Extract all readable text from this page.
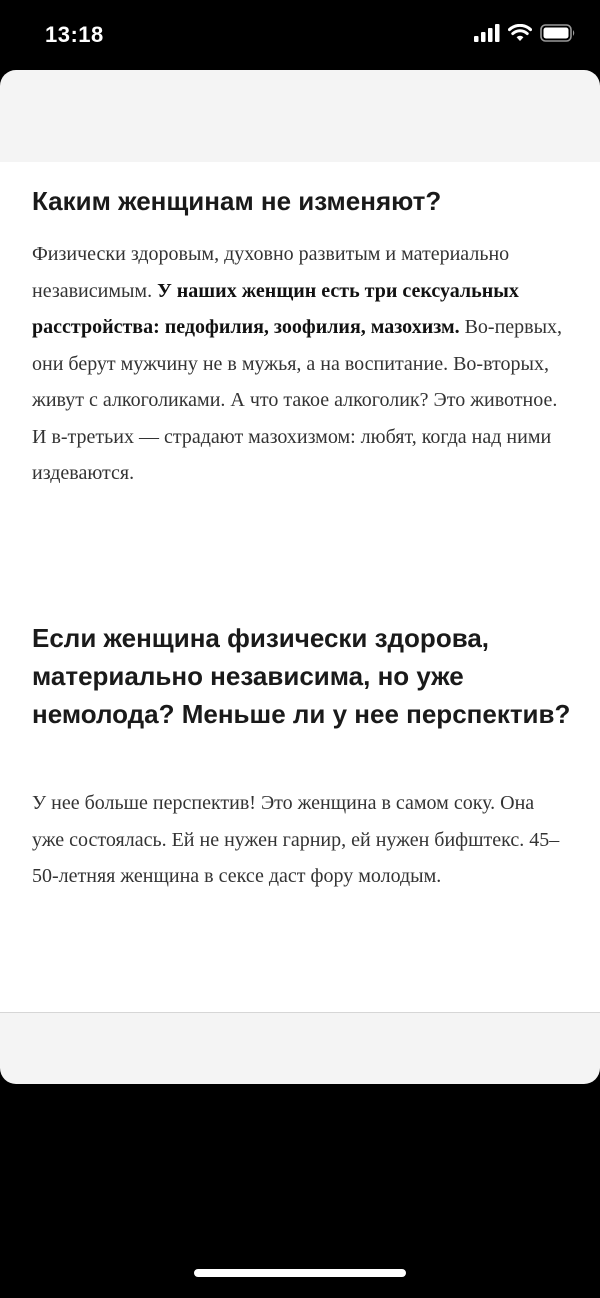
13:18
Каким женщинам не изменяют?

Физически здоровым, духовно развитым и материально независимым. У наших женщин есть три сексуальных расстройства: педофилия, зоофилия, мазохизм. Во-первых, они берут мужчину не в мужья, а на воспитание. Во-вторых, живут с алкоголиками. А что такое алкоголик? Это животное. И в-третьих — страдают мазохизмом: любят, когда над ними издеваются.

Если женщина физически здорова, материально независима, но уже немолода? Меньше ли у нее перспектив?

У нее больше перспектив! Это женщина в самом соку. Она уже состоялась. Ей не нужен гарнир, ей нужен бифштекс. 45–50-летняя женщина в сексе даст фору молодым.
